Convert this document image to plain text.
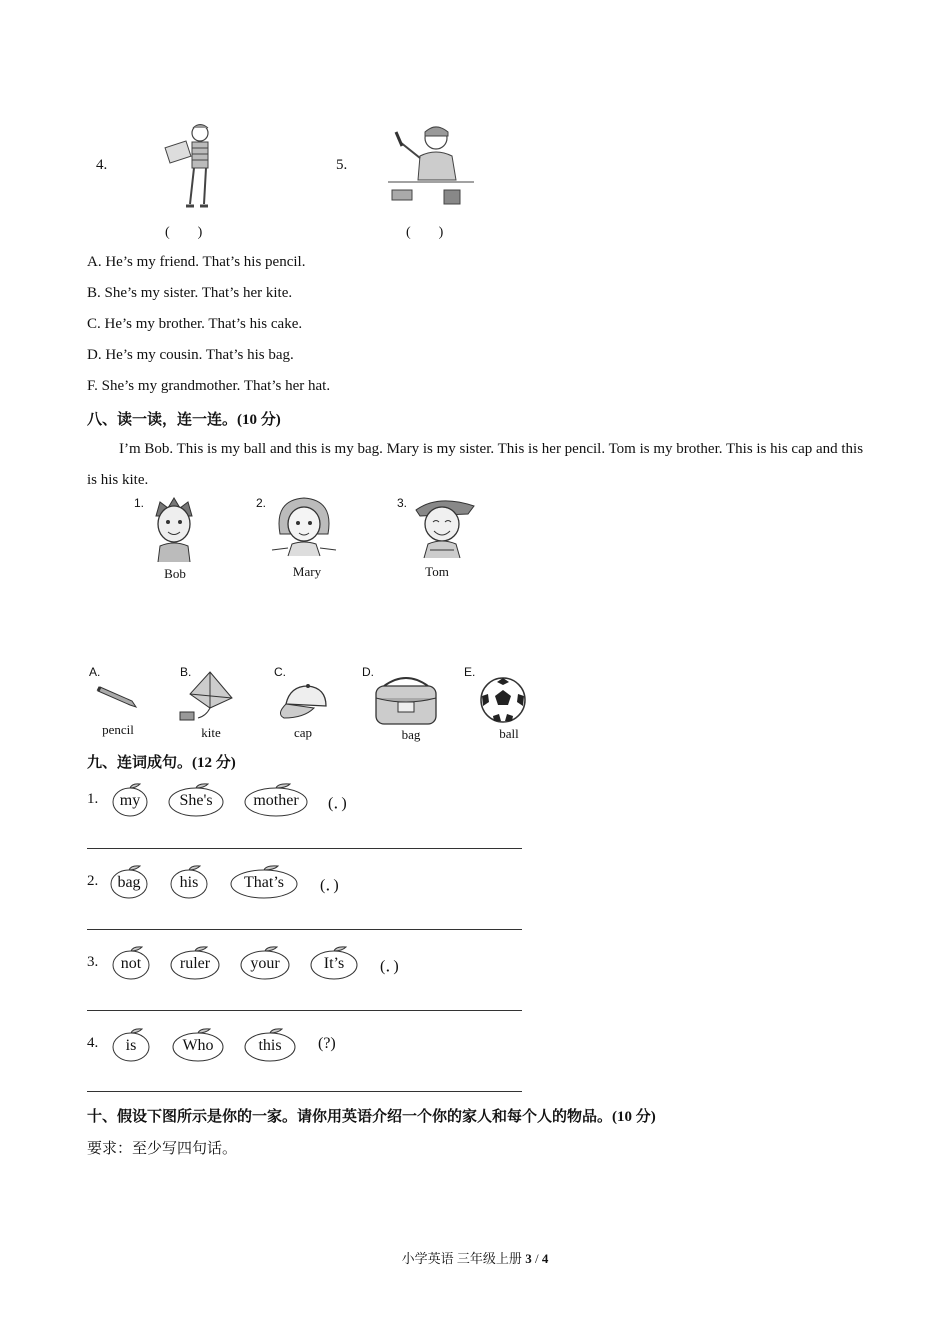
4.
(　　)
5.
(　　)
A. He’s my friend. That’s his pencil.
B. She’s my sister. That’s her kite.
C. He’s my brother. That’s his cake.
D. He’s my cousin. That’s his bag.
F. She’s my grandmother. That’s her hat.
八、读一读，连一连。(10 分)
I’m Bob. This is my ball and this is my bag. Mary is my sister. This is her pencil. Tom is my brother. This is his cap and this is his kite.
1.
Bob
2.
Mary
3.
Tom
A.
pencil
B.
kite
C.
cap
D.
bag
E.
ball
九、连词成句。(12 分)
1.	my	She's	mother	(．)
2.	bag	his	That’s	(．)
3.	not	ruler	your	It’s	(．)
4.	is	Who	this	(?)
十、假设下图所示是你的一家。请你用英语介绍一个你的家人和每个人的物品。(10 分)
要求：至少写四句话。
小学英语 三年级上册 3 / 4
